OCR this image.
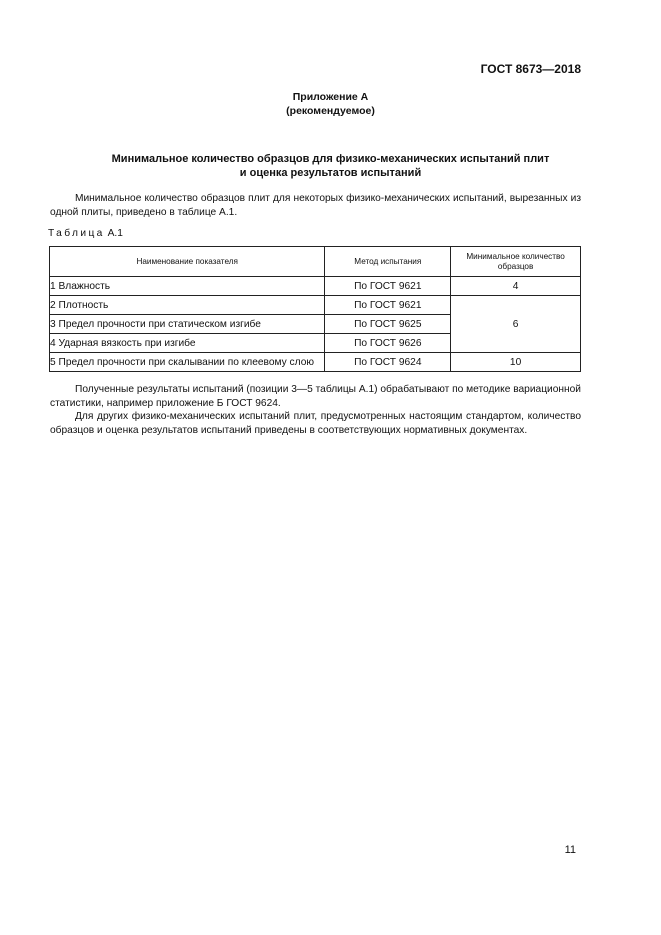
ГОСТ 8673—2018
Приложение А
(рекомендуемое)
Минимальное количество образцов для физико-механических испытаний плит
и оценка результатов испытаний

Минимальное количество образцов плит для некоторых физико-механических испытаний, вырезанных из одной плиты, приведено в таблице А.1.

Таблица А.1
Наименование показателя	Метод испытания	Минимальное количество образцов
1 Влажность	По ГОСТ 9621	4
2 Плотность	По ГОСТ 9621	6
3 Предел прочности при статическом изгибе	По ГОСТ 9625	
4 Ударная вязкость при изгибе	По ГОСТ 9626	
5 Предел прочности при скалывании по клеевому слою	По ГОСТ 9624	10

Полученные результаты испытаний (позиции 3—5 таблицы А.1) обрабатывают по методике вариационной статистики, например приложение Б ГОСТ 9624.

Для других физико-механических испытаний плит, предусмотренных настоящим стандартом, количество образцов и оценка результатов испытаний приведены в соответствующих нормативных документах.

11
